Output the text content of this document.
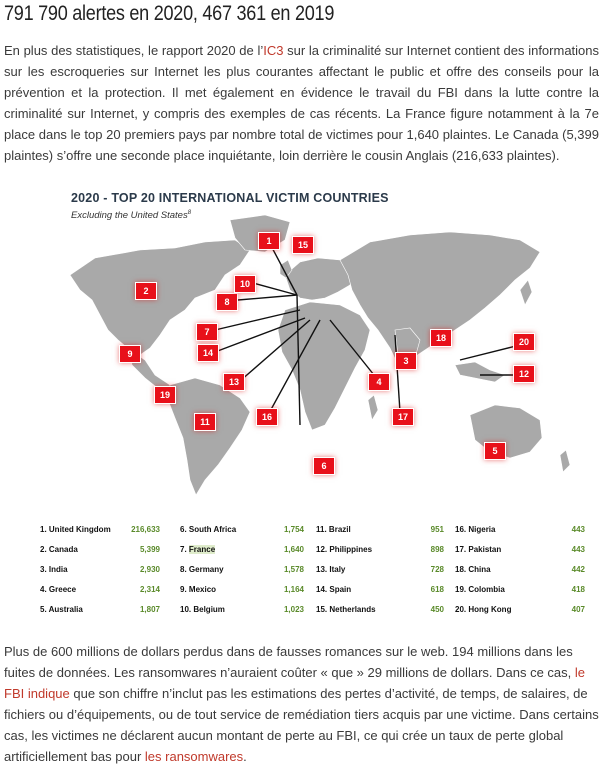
791 790 alertes en 2020, 467 361 en 2019

En plus des statistiques, le rapport 2020 de l’IC3 sur la criminalité sur Internet contient des informations sur les escroqueries sur Internet les plus courantes affectant le public et offre des conseils pour la prévention et la protection. Il met également en évidence le travail du FBI dans la lutte contre la criminalité sur Internet, y compris des exemples de cas récents. La France figure notamment à la 7e place dans le top 20 premiers pays par nombre total de victimes pour 1,640 plaintes. Le Canada (5,399 plaintes) s’offre une seconde place inquiétante, loin derrière le cousin Anglais (216,633 plaintes).

2020 - TOP 20 INTERNATIONAL VICTIM COUNTRIES
Excluding the United States$^8$
1
2
3
4
5
6
7
8
9
10
11
12
13
14
15
16	17
18
19
20
1. United Kingdom	216,633
2. Canada	5,399
3. India	2,930
4. Greece	2,314
5. Australia	1,807
6. South Africa	1,754
7. France	1,640
8. Germany	1,578
9. Mexico	1,164
10. Belgium	1,023
11. Brazil	951
12. Philippines	898
13. Italy	728
14. Spain	618
15. Netherlands	450
16. Nigeria	443
17. Pakistan	443
18. China	442
19. Colombia	418
20. Hong Kong	407

Plus de 600 millions de dollars perdus dans de fausses romances sur le web. 194 millions dans les fuites de données. Les ransomwares n’auraient coûter « que » 29 millions de dollars. Dans ce cas, le FBI indique que son chiffre n’inclut pas les estimations des pertes d’activité, de temps, de salaires, de fichiers ou d’équipements, ou de tout service de remédiation tiers acquis par une victime. Dans certains cas, les victimes ne déclarent aucun montant de perte au FBI, ce qui crée un taux de perte global artificiellement bas pour les ransomwares.
